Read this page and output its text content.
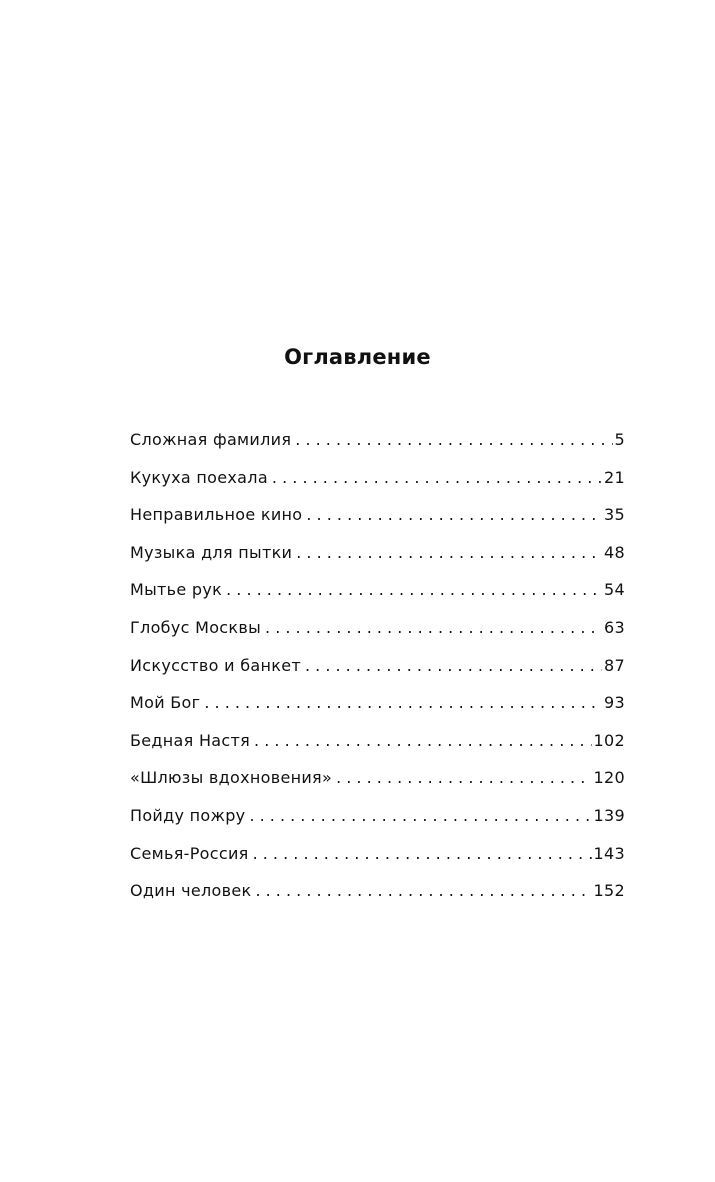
Оглавление
Сложная фамилия . . .	5
Кукуха поехала . . .	21
Неправильное кино . . .	35
Музыка для пытки . . .	48
Мытье рук . . .	54
Глобус Москвы . . .	63
Искусство и банкет . . .	87
Мой Бог . . .	93
Бедная Настя . . .	102
«Шлюзы вдохновения» . . .	120
Пойду пожру . . .	139
Семья-Россия . . .	143
Один человек . . .	152
